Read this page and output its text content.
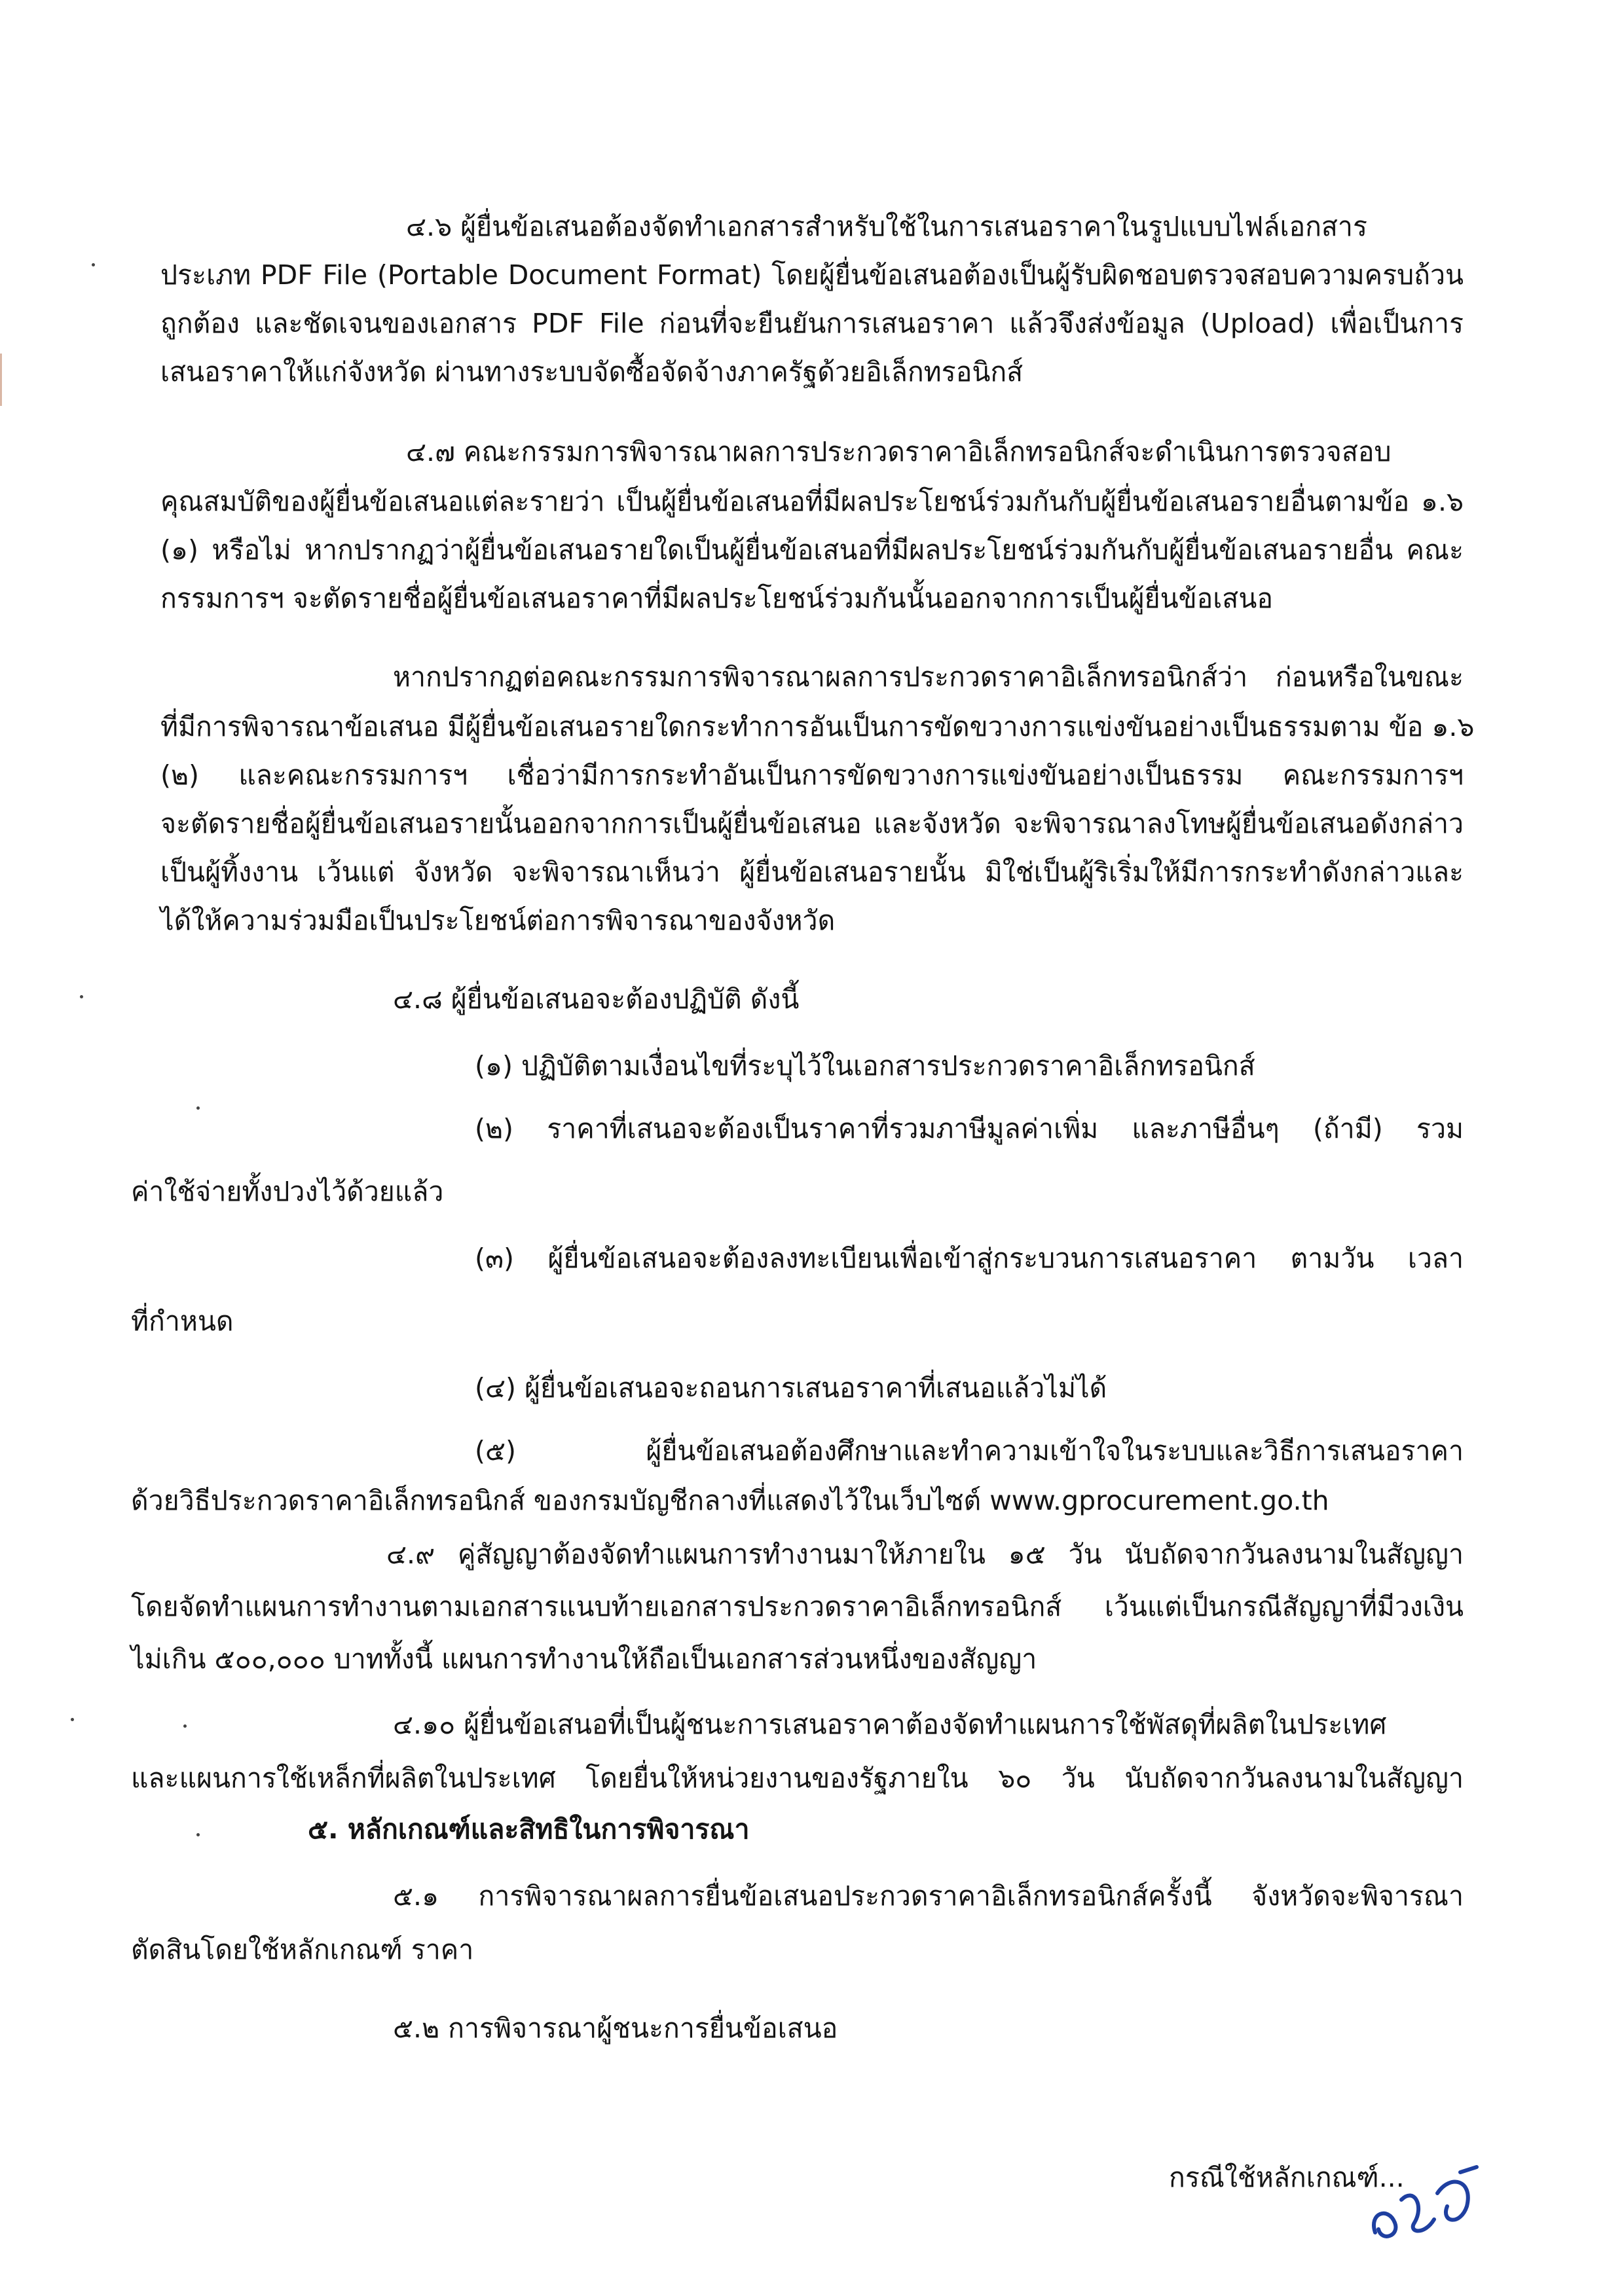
๔.๖ ผู้ยื่นข้อเสนอต้องจัดทำเอกสารสำหรับใช้ในการเสนอราคาในรูปแบบไฟล์เอกสาร
ประเภท PDF File (Portable Document Format) โดยผู้ยื่นข้อเสนอต้องเป็นผู้รับผิดชอบตรวจสอบความครบถ้วน
ถูกต้อง และชัดเจนของเอกสาร PDF File ก่อนที่จะยืนยันการเสนอราคา แล้วจึงส่งข้อมูล (Upload) เพื่อเป็นการ
เสนอราคาให้แก่จังหวัด ผ่านทางระบบจัดซื้อจัดจ้างภาครัฐด้วยอิเล็กทรอนิกส์
๔.๗ คณะกรรมการพิจารณาผลการประกวดราคาอิเล็กทรอนิกส์จะดำเนินการตรวจสอบ
คุณสมบัติของผู้ยื่นข้อเสนอแต่ละรายว่า เป็นผู้ยื่นข้อเสนอที่มีผลประโยชน์ร่วมกันกับผู้ยื่นข้อเสนอรายอื่นตามข้อ ๑.๖
(๑) หรือไม่ หากปรากฏว่าผู้ยื่นข้อเสนอรายใดเป็นผู้ยื่นข้อเสนอที่มีผลประโยชน์ร่วมกันกับผู้ยื่นข้อเสนอรายอื่น คณะ
กรรมการฯ จะตัดรายชื่อผู้ยื่นข้อเสนอราคาที่มีผลประโยชน์ร่วมกันนั้นออกจากการเป็นผู้ยื่นข้อเสนอ
หากปรากฏต่อคณะกรรมการพิจารณาผลการประกวดราคาอิเล็กทรอนิกส์ว่า ก่อนหรือในขณะ
ที่มีการพิจารณาข้อเสนอ มีผู้ยื่นข้อเสนอรายใดกระทำการอันเป็นการขัดขวางการแข่งขันอย่างเป็นธรรมตาม ข้อ ๑.๖
(๒) และคณะกรรมการฯ เชื่อว่ามีการกระทำอันเป็นการขัดขวางการแข่งขันอย่างเป็นธรรม คณะกรรมการฯ
จะตัดรายชื่อผู้ยื่นข้อเสนอรายนั้นออกจากการเป็นผู้ยื่นข้อเสนอ และจังหวัด จะพิจารณาลงโทษผู้ยื่นข้อเสนอดังกล่าว
เป็นผู้ทิ้งงาน เว้นแต่ จังหวัด จะพิจารณาเห็นว่า ผู้ยื่นข้อเสนอรายนั้น มิใช่เป็นผู้ริเริ่มให้มีการกระทำดังกล่าวและ
ได้ให้ความร่วมมือเป็นประโยชน์ต่อการพิจารณาของจังหวัด
๔.๘ ผู้ยื่นข้อเสนอจะต้องปฏิบัติ ดังนี้
(๑) ปฏิบัติตามเงื่อนไขที่ระบุไว้ในเอกสารประกวดราคาอิเล็กทรอนิกส์
(๒) ราคาที่เสนอจะต้องเป็นราคาที่รวมภาษีมูลค่าเพิ่ม และภาษีอื่นๆ (ถ้ามี) รวม
ค่าใช้จ่ายทั้งปวงไว้ด้วยแล้ว
(๓) ผู้ยื่นข้อเสนอจะต้องลงทะเบียนเพื่อเข้าสู่กระบวนการเสนอราคา ตามวัน เวลา
ที่กำหนด
(๔) ผู้ยื่นข้อเสนอจะถอนการเสนอราคาที่เสนอแล้วไม่ได้
(๕) ผู้ยื่นข้อเสนอต้องศึกษาและทำความเข้าใจในระบบและวิธีการเสนอราคา
ด้วยวิธีประกวดราคาอิเล็กทรอนิกส์ ของกรมบัญชีกลางที่แสดงไว้ในเว็บไซต์ www.gprocurement.go.th
๔.๙ คู่สัญญาต้องจัดทำแผนการทำงานมาให้ภายใน ๑๕ วัน นับถัดจากวันลงนามในสัญญา
โดยจัดทำแผนการทำงานตามเอกสารแนบท้ายเอกสารประกวดราคาอิเล็กทรอนิกส์ เว้นแต่เป็นกรณีสัญญาที่มีวงเงิน
ไม่เกิน ๕๐๐,๐๐๐ บาททั้งนี้ แผนการทำงานให้ถือเป็นเอกสารส่วนหนึ่งของสัญญา
๔.๑๐ ผู้ยื่นข้อเสนอที่เป็นผู้ชนะการเสนอราคาต้องจัดทำแผนการใช้พัสดุที่ผลิตในประเทศ
และแผนการใช้เหล็กที่ผลิตในประเทศ โดยยื่นให้หน่วยงานของรัฐภายใน ๖๐ วัน นับถัดจากวันลงนามในสัญญา
๕. หลักเกณฑ์และสิทธิในการพิจารณา
๕.๑ การพิจารณาผลการยื่นข้อเสนอประกวดราคาอิเล็กทรอนิกส์ครั้งนี้ จังหวัดจะพิจารณา
ตัดสินโดยใช้หลักเกณฑ์ ราคา
๕.๒ การพิจารณาผู้ชนะการยื่นข้อเสนอ
กรณีใช้หลักเกณฑ์...
